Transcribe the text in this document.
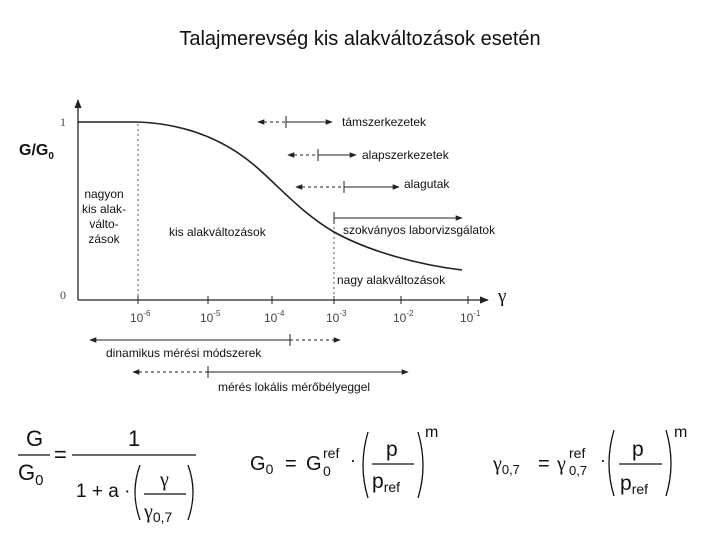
Talajmerevség kis alakváltozások esetén
1
0
$G/G_0$
γ
$10^{-6}$	$10^{-5}$	$10^{-4}$	$10^{-3}$	$10^{-2}$	$10^{-1}$
nagyon
kis alak-
válto-
zások	kis alakváltozások
nagy alakváltozások
támszerkezetek
alapszerkezetek
alagutak
szokványos laborvizsgálatok
dinamikus mérési módszerek
mérés lokális mérőbélyeggel
G
$G_0$
=
1
1 + a ·
γ
$\gamma_{0,7}$
$G_0 = G$ ref
0
· p
pref
m
$\gamma_{0,7} = \gamma$ ref
0,7
· p
pref
m
